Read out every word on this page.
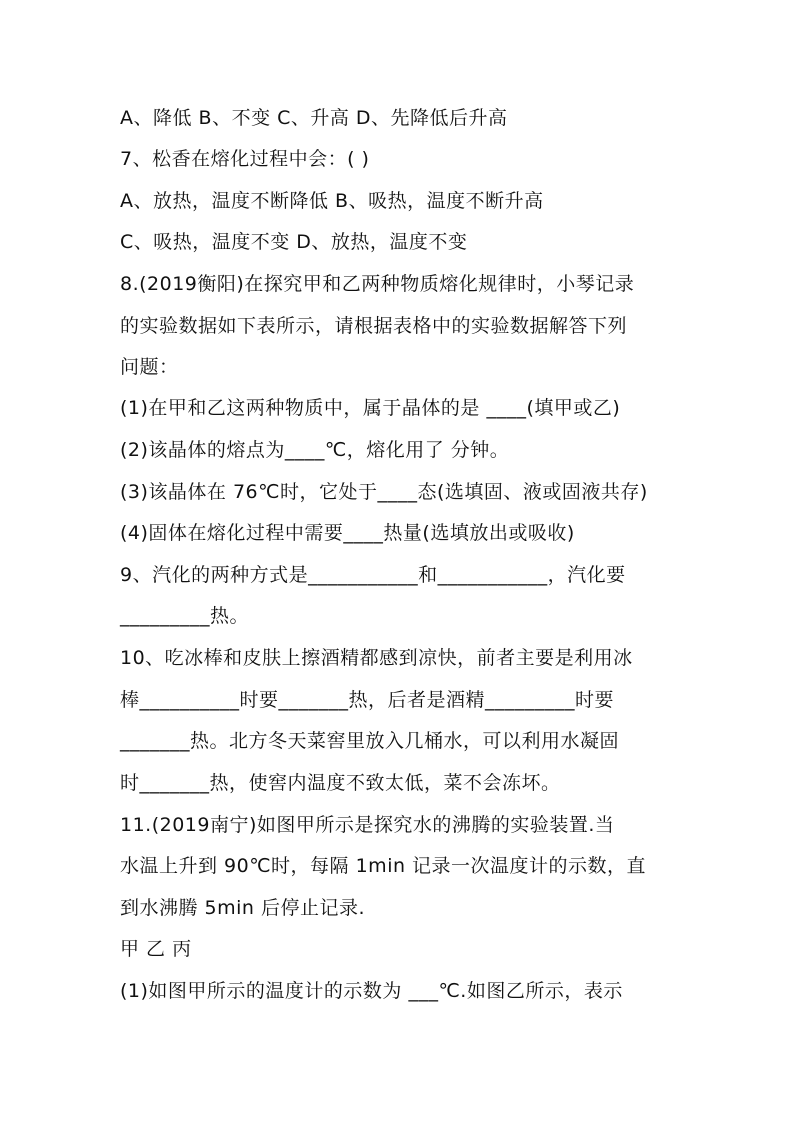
A、降低 B、不变 C、升高 D、先降低后升高
7、松香在熔化过程中会：( )
A、放热，温度不断降低 B、吸热，温度不断升高
C、吸热，温度不变 D、放热，温度不变
8.(2019衡阳)在探究甲和乙两种物质熔化规律时，小琴记录
的实验数据如下表所示，请根据表格中的实验数据解答下列
问题：
(1)在甲和乙这两种物质中，属于晶体的是 ____(填甲或乙)
(2)该晶体的熔点为____℃，熔化用了 分钟。
(3)该晶体在 76℃时，它处于____态(选填固、液或固液共存)
(4)固体在熔化过程中需要____热量(选填放出或吸收)
9、汽化的两种方式是___________和___________，汽化要
_________热。
10、吃冰棒和皮肤上擦酒精都感到凉快，前者主要是利用冰
棒__________时要_______热，后者是酒精_________时要
_______热。北方冬天菜窖里放入几桶水，可以利用水凝固
时_______热，使窖内温度不致太低，菜不会冻坏。
11.(2019南宁)如图甲所示是探究水的沸腾的实验装置.当
水温上升到 90℃时，每隔 1min 记录一次温度计的示数，直
到水沸腾 5min 后停止记录.
甲 乙 丙
(1)如图甲所示的温度计的示数为 ___℃.如图乙所示，表示
